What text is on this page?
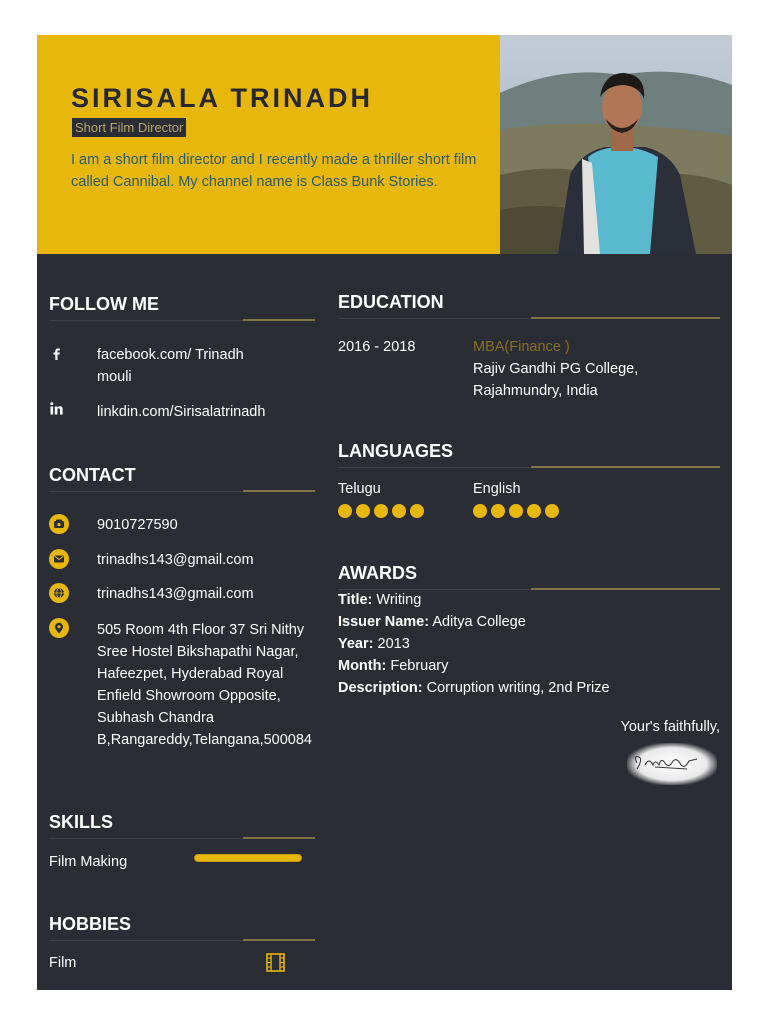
SIRISALA TRINADH
Short Film Director
I am a short film director and I recently made a thriller short film called Cannibal. My channel name is Class Bunk Stories.
FOLLOW ME
facebook.com/ Trinadh
mouli
linkdin.com/Sirisalatrinadh
CONTACT
9010727590
trinadhs143@gmail.com
trinadhs143@gmail.com
505 Room 4th Floor 37 Sri Nithy Sree Hostel Bikshapathi Nagar, Hafeezpet, Hyderabad Royal Enfield Showroom Opposite, Subhash Chandra B,Rangareddy,Telangana,500084
SKILLS
Film Making
HOBBIES
Film
EDUCATION
2016 - 2018	MBA(Finance )
Rajiv Gandhi PG College, Rajahmundry, India
LANGUAGES
Telugu	English
AWARDS
Title: Writing
Issuer Name: Aditya College
Year: 2013
Month: February
Description: Corruption writing, 2nd Prize
Your's faithfully,
